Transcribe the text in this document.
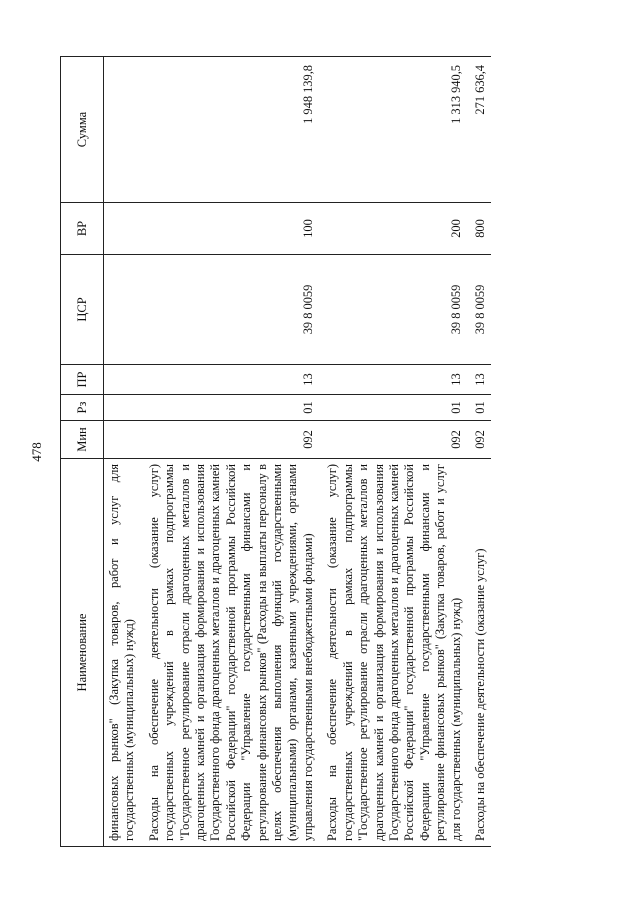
478
Наименование	Мин	Рз	ПР	ЦСР	ВР	Сумма
финансовых рынков" (Закупка товаров, работ и услуг для государственных (муниципальных) нужд)						
Расходы на обеспечение деятельности (оказание услуг) государственных учреждений в рамках подпрограммы "Государственное регулирование отрасли драгоценных металлов и драгоценных камней и организация формирования и использования Государственного фонда драгоценных металлов и драгоценных камней Российской Федерации" государственной программы Российской Федерации "Управление государственными финансами и регулирование финансовых рынков" (Расходы на выплаты персоналу в целях обеспечения выполнения функций государственными (муниципальными) органами, казенными учреждениями, органами управления государственными внебюджетными фондами)	092	01	13	39 8 0059	100	1 948 139,8
Расходы на обеспечение деятельности (оказание услуг) государственных учреждений в рамках подпрограммы "Государственное регулирование отрасли драгоценных металлов и драгоценных камней и организация формирования и использования Государственного фонда драгоценных металлов и драгоценных камней Российской Федерации" государственной программы Российской Федерации "Управление государственными финансами и регулирование финансовых рынков" (Закупка товаров, работ и услуг для государственных (муниципальных) нужд)	092	01	13	39 8 0059	200	1 313 940,5
Расходы на обеспечение деятельности (оказание услуг)	092	01	13	39 8 0059	800	271 636,4
